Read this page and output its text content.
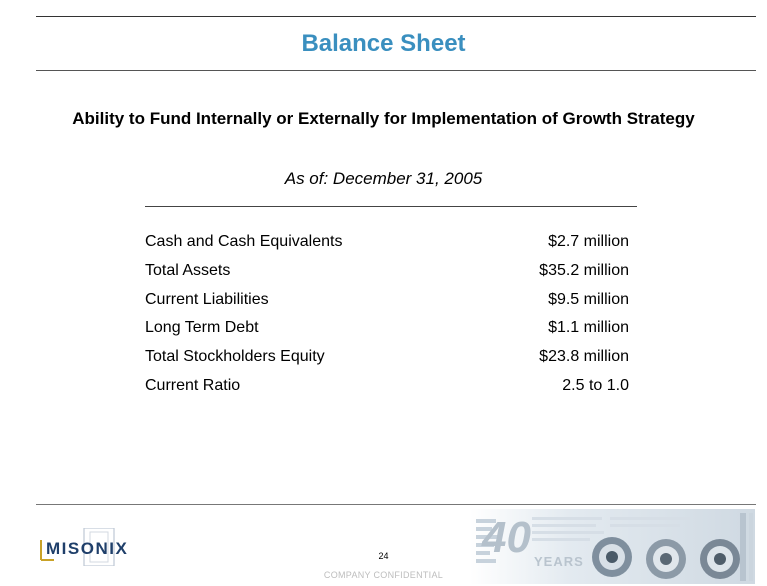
Balance Sheet
Ability to Fund Internally or Externally for Implementation of Growth Strategy
As of: December 31, 2005
Cash and Cash Equivalents	$2.7 million
Total Assets	$35.2 million
Current Liabilities	$9.5 million
Long Term Debt	$1.1 million
Total Stockholders Equity	$23.8 million
Current Ratio	2.5 to 1.0
MISONIX	24
COMPANY CONFIDENTIAL
40 YEARS
